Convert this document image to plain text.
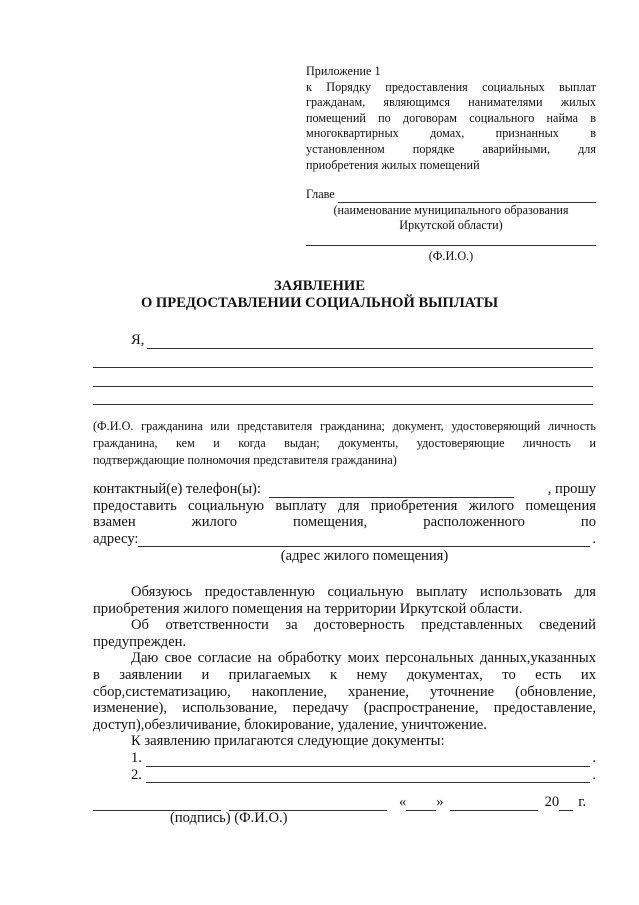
Приложение 1
к Порядку предоставления социальных выплат
гражданам, являющимся нанимателями жилых
помещений по договорам социального найма в
многоквартирных домах, признанных в
установленном порядке аварийными, для
приобретения жилых помещений
Главе
(наименование муниципального образования
Иркутской области)
(Ф.И.О.)
ЗАЯВЛЕНИЕ
О ПРЕДОСТАВЛЕНИИ СОЦИАЛЬНОЙ ВЫПЛАТЫ
Я,
(Ф.И.О. гражданина или представителя гражданина; документ, удостоверяющий личность
гражданина, кем и когда выдан; документы, удостоверяющие личность и
подтверждающие полномочия представителя гражданина)
контактный(е) телефон(ы):	, прошу
предоставить социальную выплату для приобретения жилого помещения
взамен жилого помещения, расположенного по
адресу:	.
(адрес жилого помещения)
Обязуюсь предоставленную социальную выплату использовать для
приобретения жилого помещения на территории Иркутской области.
Об ответственности за достоверность представленных сведений
предупрежден.
Даю свое согласие на обработку моих персональных данных,указанных
в заявлении и прилагаемых к нему документах, то есть их
сбор,систематизацию, накопление, хранение, уточнение (обновление,
изменение), использование, передачу (распространение, предоставление,
доступ),обезличивание, блокирование, удаление, уничтожение.
К заявлению прилагаются следующие документы:
1.	.
2.	.
« »	20 г.
(подпись) (Ф.И.О.)
